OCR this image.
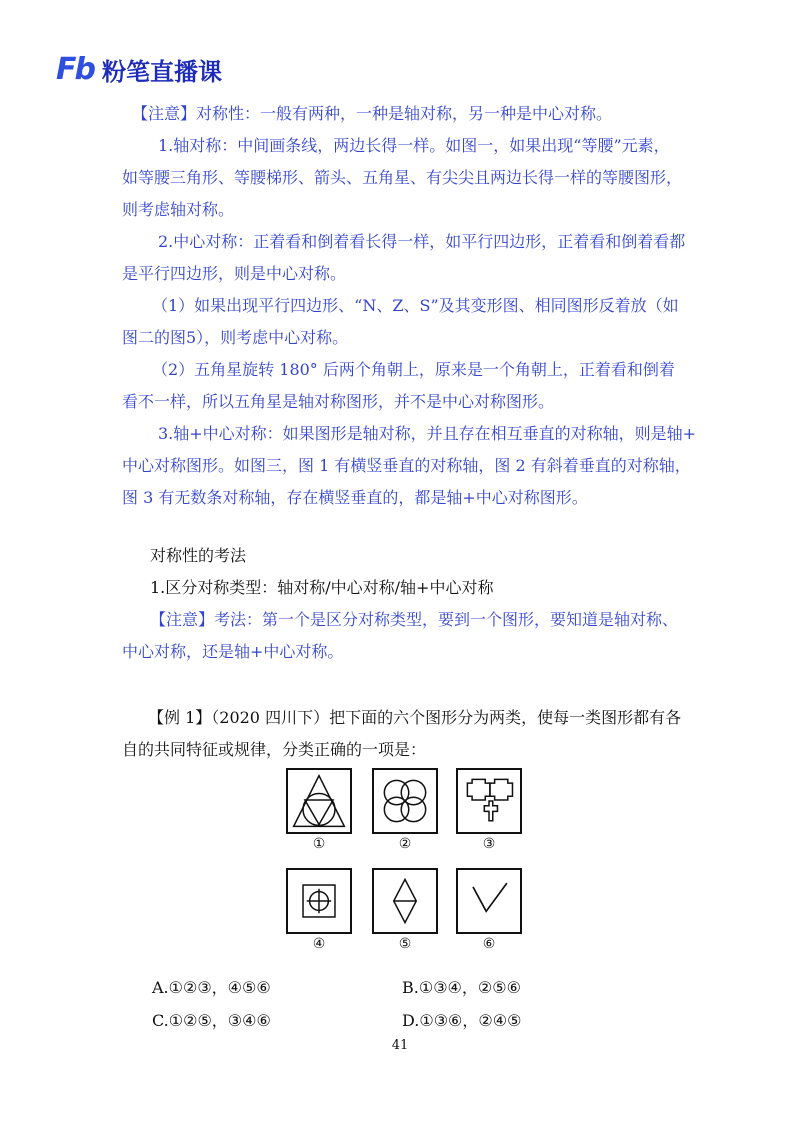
Fb 粉笔直播课
【注意】对称性：一般有两种，一种是轴对称，另一种是中心对称。
1.轴对称：中间画条线，两边长得一样。如图一，如果出现“等腰”元素，
如等腰三角形、等腰梯形、箭头、五角星、有尖尖且两边长得一样的等腰图形，
则考虑轴对称。
2.中心对称：正着看和倒着看长得一样，如平行四边形，正着看和倒着看都
是平行四边形，则是中心对称。
（1）如果出现平行四边形、“N、Z、S”及其变形图、相同图形反着放（如
图二的图5），则考虑中心对称。
（2）五角星旋转 180° 后两个角朝上，原来是一个角朝上，正着看和倒着
看不一样，所以五角星是轴对称图形，并不是中心对称图形。
3.轴+中心对称：如果图形是轴对称，并且存在相互垂直的对称轴，则是轴+
中心对称图形。如图三，图 1 有横竖垂直的对称轴，图 2 有斜着垂直的对称轴，
图 3 有无数条对称轴，存在横竖垂直的，都是轴+中心对称图形。
对称性的考法
1.区分对称类型：轴对称/中心对称/轴+中心对称
【注意】考法：第一个是区分对称类型，要到一个图形，要知道是轴对称、
中心对称，还是轴+中心对称。
【例 1】（2020 四川下）把下面的六个图形分为两类，使每一类图形都有各
自的共同特征或规律，分类正确的一项是：
①	②	③
④	⑤	⑥
A.①②③，④⑤⑥	B.①③④，②⑤⑥
C.①②⑤，③④⑥	D.①③⑥，②④⑤
41
